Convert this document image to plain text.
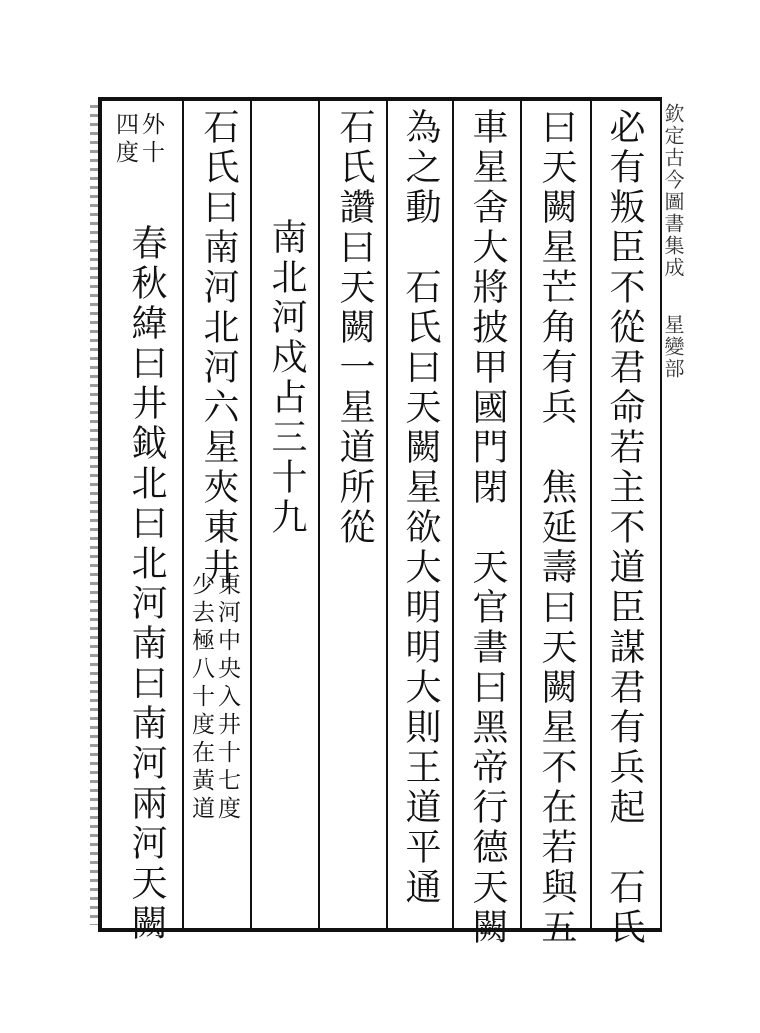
欽定古今圖書集成  星變部
必有叛臣不從君命若主不道臣謀君有兵起　石氏
曰天闕星芒角有兵　焦延壽曰天闕星不在若與五
車星舍大將披甲國門閉　天官書曰黑帝行德天闕
為之動　石氏曰天闕星欲大明明大則王道平通
石氏讚曰天闕一星道所從
南北河戍占三十九
石氏曰南河北河六星夾東井
東河中央入井十七度
少去極八十度在黃道
外十
四度
春秋緯曰井鉞北曰北河南曰南河兩河天闕
